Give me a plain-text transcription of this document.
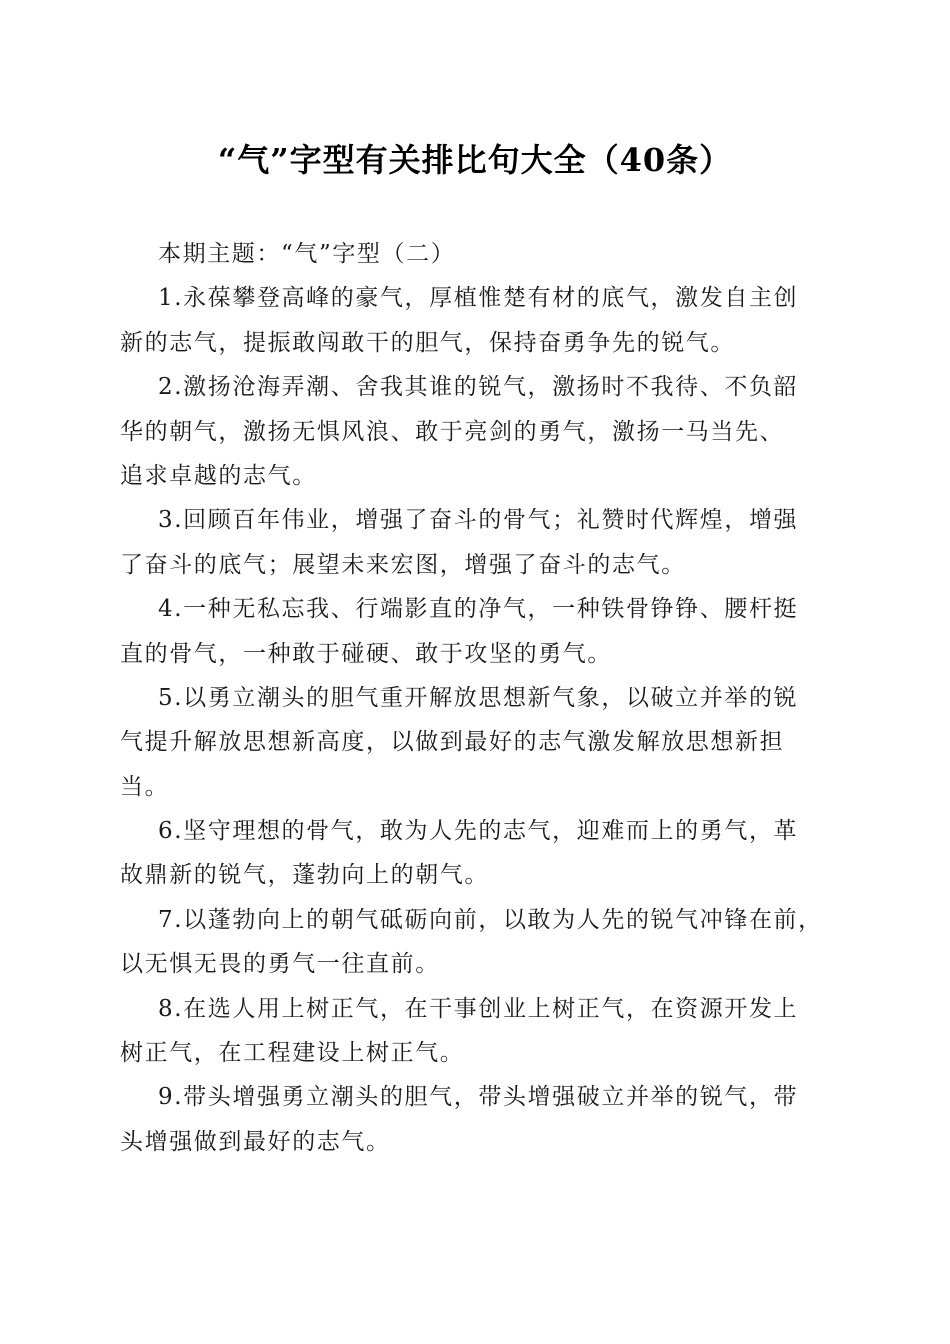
“气”字型有关排比句大全（40条）
本期主题：“气”字型（二）
1.永葆攀登高峰的豪气，厚植惟楚有材的底气，激发自主创
新的志气，提振敢闯敢干的胆气，保持奋勇争先的锐气。
2.激扬沧海弄潮、舍我其谁的锐气，激扬时不我待、不负韶
华的朝气，激扬无惧风浪、敢于亮剑的勇气，激扬一马当先、
追求卓越的志气。
3.回顾百年伟业，增强了奋斗的骨气；礼赞时代辉煌，增强
了奋斗的底气；展望未来宏图，增强了奋斗的志气。
4.一种无私忘我、行端影直的净气，一种铁骨铮铮、腰杆挺
直的骨气，一种敢于碰硬、敢于攻坚的勇气。
5.以勇立潮头的胆气重开解放思想新气象，以破立并举的锐
气提升解放思想新高度，以做到最好的志气激发解放思想新担
当。
6.坚守理想的骨气，敢为人先的志气，迎难而上的勇气，革
故鼎新的锐气，蓬勃向上的朝气。
7.以蓬勃向上的朝气砥砺向前，以敢为人先的锐气冲锋在前，
以无惧无畏的勇气一往直前。
8.在选人用上树正气，在干事创业上树正气，在资源开发上
树正气，在工程建设上树正气。
9.带头增强勇立潮头的胆气，带头增强破立并举的锐气，带
头增强做到最好的志气。
